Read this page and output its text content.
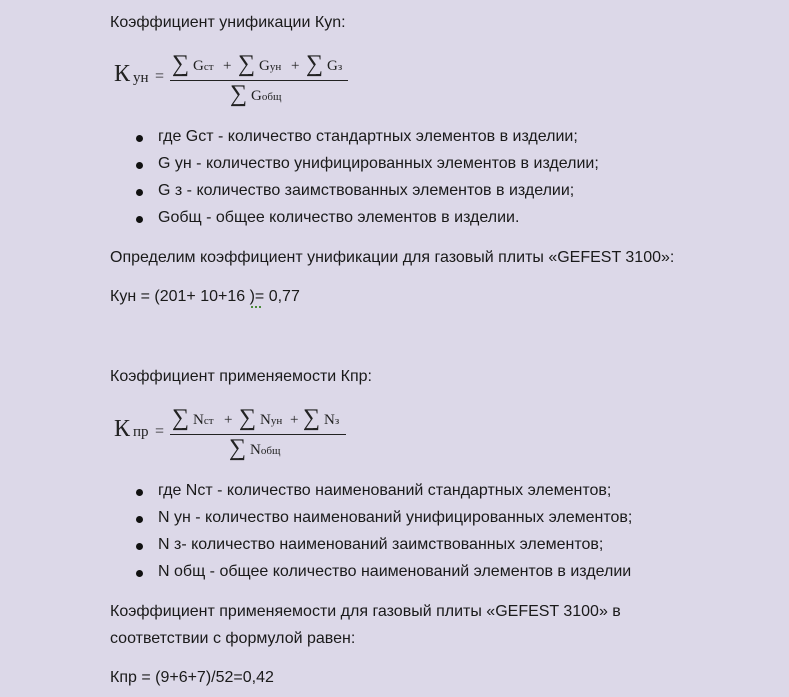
Коэффициент унификации Куn:
К ун = ∑ Gст + ∑ Gун + ∑ Gз
∑ Gобщ
где Gст - количество стандартных элементов в изделии;
G ун - количество унифицированных элементов в изделии;
G з - количество заимствованных элементов в изделии;
Gобщ - общее количество элементов в изделии.
Определим коэффициент унификации для газовый плиты «GEFEST 3100»:
Кун = (201+ 10+16 )= 0,77
Коэффициент применяемости Кпр:
К пр =
∑ Nст + ∑ Nун + ∑ Nз
∑ Nобщ
где Nст - количество наименований стандартных элементов;
N ун - количество наименований унифицированных элементов;
N з- количество наименований заимствованных элементов;
N общ - общее количество наименований элементов в изделии
Коэффициент применяемости для газовый плиты «GEFEST 3100» в
соответствии с формулой равен:
Кпр = (9+6+7)/52=0,42
